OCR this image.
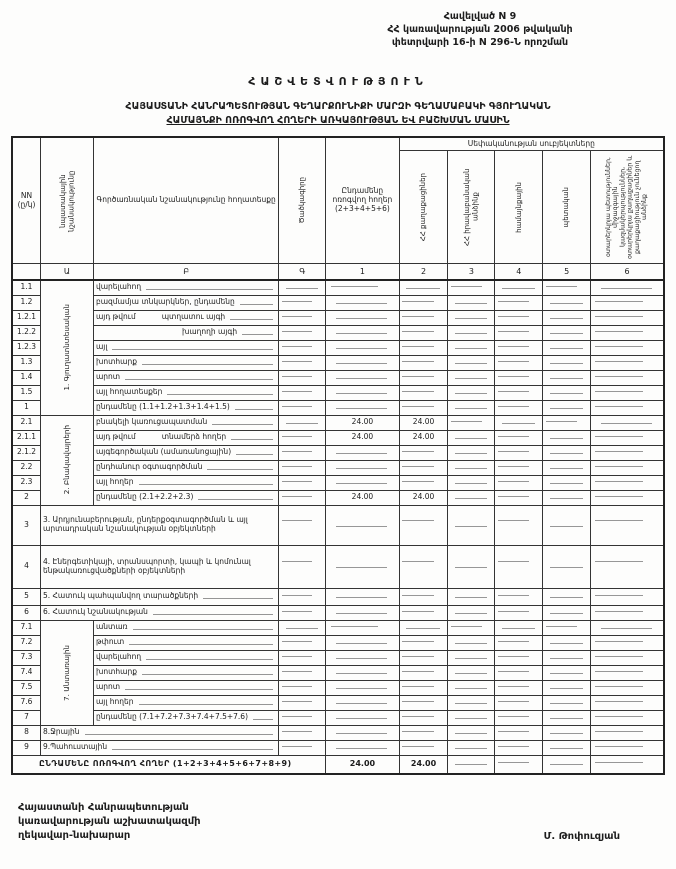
Հավելված N 9
ՀՀ կառավարության 2006 թվականի
փետրվարի 16-ի N 296-Ն որոշման
ՀԱՇՎԵՏՎՈՒԹՅՈՒՆ
ՀԱՅԱՍՏԱՆԻ ՀԱՆՐԱՊԵՏՈՒԹՅԱՆ ԳԵՂԱՐՔՈՒՆԻՔԻ ՄԱՐԶԻ ԳԵՂԱՄԱԲԱԿԻ ԳՅՈՒՂԱԿԱՆ
ՀԱՄԱՅՆՔԻ ՈՌՈԳՎՈՂ ՀՈՂԵՐԻ ԱՌԿԱՅՈՒԹՅԱՆ ԵՎ ԲԱՇԽՄԱՆ ՄԱՍԻՆ
NN (ը/կ)	նպատակային նշանակությունը	Գործառնական նշանակությունը հողատեսքը	Ծածկագիրը	Ընդամենը ոռոգվող հողեր (2+3+4+5+6)	Սեփականության սուբյեկտները				

					ՀՀ քաղաքացիներ	ՀՀ իրավաբանական անձինք	համայնքային	պետական	օտարերկրյա պետություններ, միջազգային կազմակերպություններ, օտարերկրյա քաղաքացիներ և քաղաքացիություն չունեցող անձինք

	Ա	Բ	Գ	1	2	3	4	5	6
1.1	1. Գյուղատնտեսական	վարելահող							

1.2		բազմամյա տնկարկներ, ընդամենը							

1.2.1		այդ թվում պտղատու այգի							

1.2.2		խաղողի այգի							

1.2.3		այլ							

1.3		խոտհարք							

1.4		արոտ							

1.5		այլ հողատեսքեր							

1		ընդամենը (1.1+1.2+1.3+1.4+1.5)							

2.1	2. Բնակավայրերի	բնակելի կառուցապատման		24.00	24.00				
2.1.1		այդ թվում տնամերձ հողեր		24.00	24.00				
2.1.2		այգեգործական (ամառանոցային)							

2.2		ընդհանուր օգտագործման							

2.3		այլ հողեր							

2		ընդամենը (2.1+2.2+2.3)		24.00	24.00				
3	3. Արդյունաբերության, ընդերքօգտագործման և այլ արտադրական նշանակության օբյեկտների								
4	4. Էներգետիկայի, տրանսպորտի, կապի և կոմունալ ենթակառուցվածքների օբյեկտների								
5	5. Հատուկ պահպանվող տարածքների								

6	6. Հատուկ նշանակության								

7.1	7. Անտառային	անտառ							

7.2		թփուտ							

7.3		վարելահող							

7.4		խոտհարք							

7.5		արոտ							

7.6		այլ հողեր							

7		ընդամենը (7.1+7.2+7.3+7.4+7.5+7.6)							

8	8.Ջրային								

9	9.Պահուստային								

ԸՆԴԱՄԵՆԸ ՈՌՈԳՎՈՂ ՀՈՂԵՐ (1+2+3+4+5+6+7+8+9)				24.00	24.00				
Հայաստանի Հանրապետության
կառավարության աշխատակազմի
ղեկավար-նախարար	Մ. Թոփուզյան
